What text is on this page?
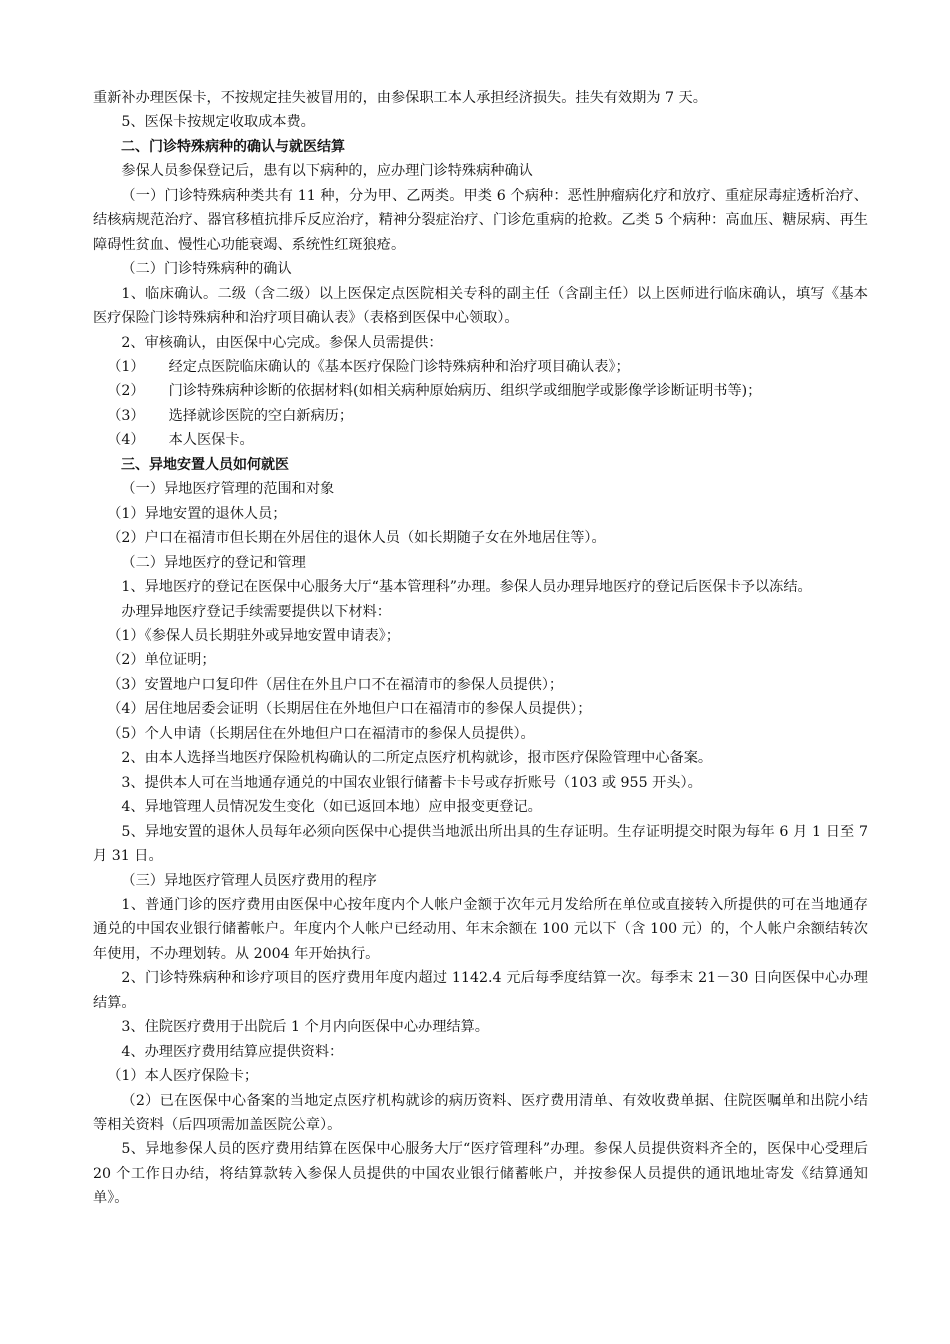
重新补办理医保卡，不按规定挂失被冒用的，由参保职工本人承担经济损失。挂失有效期为 7 天。

5、医保卡按规定收取成本费。

二、门诊特殊病种的确认与就医结算

参保人员参保登记后，患有以下病种的，应办理门诊特殊病种确认

（一）门诊特殊病种类共有 11 种，分为甲、乙两类。甲类 6 个病种：恶性肿瘤病化疗和放疗、重症尿毒症透析治疗、结核病规范治疗、器官移植抗排斥反应治疗，精神分裂症治疗、门诊危重病的抢救。乙类 5 个病种：高血压、糖尿病、再生障碍性贫血、慢性心功能衰竭、系统性红斑狼疮。

（二）门诊特殊病种的确认

1、临床确认。二级（含二级）以上医保定点医院相关专科的副主任（含副主任）以上医师进行临床确认，填写《基本医疗保险门诊特殊病种和治疗项目确认表》（表格到医保中心领取）。

2、审核确认，由医保中心完成。参保人员需提供：

（1） 经定点医院临床确认的《基本医疗保险门诊特殊病种和治疗项目确认表》；

（2） 门诊特殊病种诊断的依据材料(如相关病种原始病历、组织学或细胞学或影像学诊断证明书等)；

（3） 选择就诊医院的空白新病历；

（4） 本人医保卡。

三、异地安置人员如何就医

（一）异地医疗管理的范围和对象

（1）异地安置的退休人员；

（2）户口在福清市但长期在外居住的退休人员（如长期随子女在外地居住等）。

（二）异地医疗的登记和管理

1、异地医疗的登记在医保中心服务大厅“基本管理科”办理。参保人员办理异地医疗的登记后医保卡予以冻结。

办理异地医疗登记手续需要提供以下材料：

（1）《参保人员长期驻外或异地安置申请表》；

（2）单位证明；

（3）安置地户口复印件（居住在外且户口不在福清市的参保人员提供）；

（4）居住地居委会证明（长期居住在外地但户口在福清市的参保人员提供）；

（5）个人申请（长期居住在外地但户口在福清市的参保人员提供）。

2、由本人选择当地医疗保险机构确认的二所定点医疗机构就诊，报市医疗保险管理中心备案。

3、提供本人可在当地通存通兑的中国农业银行储蓄卡卡号或存折账号（103 或 955 开头）。

4、异地管理人员情况发生变化（如已返回本地）应申报变更登记。

5、异地安置的退休人员每年必须向医保中心提供当地派出所出具的生存证明。生存证明提交时限为每年 6 月 1 日至 7 月 31 日。

（三）异地医疗管理人员医疗费用的程序

1、普通门诊的医疗费用由医保中心按年度内个人帐户金额于次年元月发给所在单位或直接转入所提供的可在当地通存通兑的中国农业银行储蓄帐户。年度内个人帐户已经动用、年末余额在 100 元以下（含 100 元）的，个人帐户余额结转次年使用，不办理划转。从 2004 年开始执行。

2、门诊特殊病种和诊疗项目的医疗费用年度内超过 1142.4 元后每季度结算一次。每季末 21－30 日向医保中心办理结算。

3、住院医疗费用于出院后 1 个月内向医保中心办理结算。

4、办理医疗费用结算应提供资料：

（1）本人医疗保险卡；

（2）已在医保中心备案的当地定点医疗机构就诊的病历资料、医疗费用清单、有效收费单据、住院医嘱单和出院小结等相关资料（后四项需加盖医院公章）。

5、异地参保人员的医疗费用结算在医保中心服务大厅“医疗管理科”办理。参保人员提供资料齐全的，医保中心受理后 20 个工作日办结，将结算款转入参保人员提供的中国农业银行储蓄帐户，并按参保人员提供的通讯地址寄发《结算通知单》。
